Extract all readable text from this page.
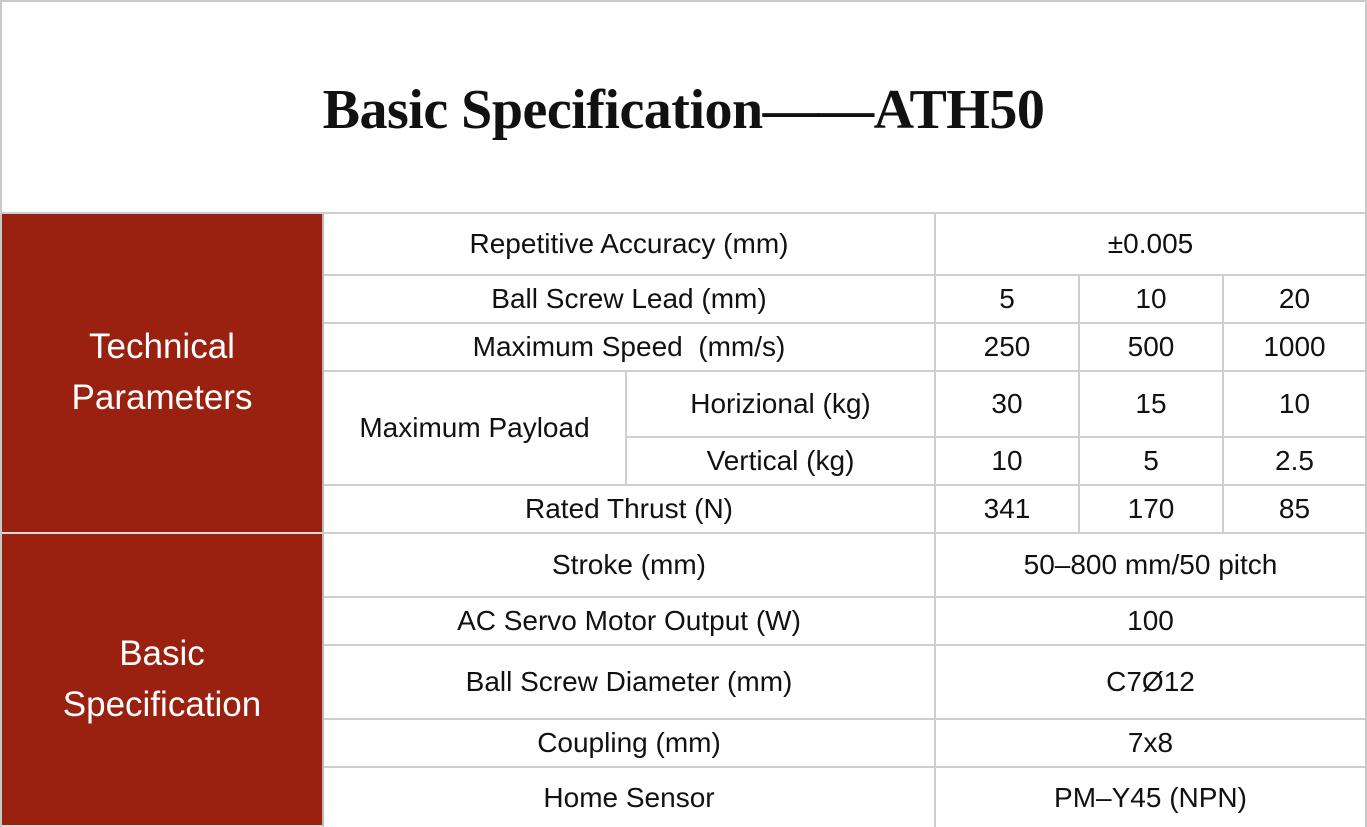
Basic Specification——ATH50
Technical
Parameters
Basic
Specification
Repetitive Accuracy (mm)	±0.005
Ball Screw Lead (mm)	5	10	20
Maximum Speed  (mm/s)	250	500	1000
Maximum Payload
Horizional (kg)	30	15	10
Vertical (kg)	10	5	2.5
Rated Thrust (N)	341	170	85
Stroke (mm)	50–800 mm/50 pitch
AC Servo Motor Output (W)	100
Ball Screw Diameter (mm)	C7Ø12
Coupling (mm)	7x8
Home Sensor	PM–Y45 (NPN)
